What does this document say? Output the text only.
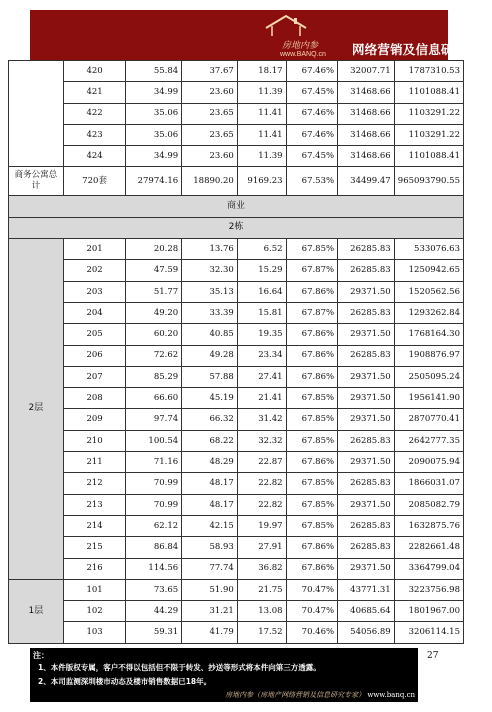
房地内参
www.BANQ.cn 网络营销及信息研究专家
	420	55.84	37.67	18.17	67.46%	32007.71	1787310.53
	421	34.99	23.60	11.39	67.45%	31468.66	1101088.41
	422	35.06	23.65	11.41	67.46%	31468.66	1103291.22
	423	35.06	23.65	11.41	67.46%	31468.66	1103291.22
	424	34.99	23.60	11.39	67.45%	31468.66	1101088.41
商务公寓总计	720套	27974.16	18890.20	9169.23	67.53%	34499.47	965093790.55
商业							
2栋							
2层	201	20.28	13.76	6.52	67.85%	26285.83	533076.63
	202	47.59	32.30	15.29	67.87%	26285.83	1250942.65
	203	51.77	35.13	16.64	67.86%	29371.50	1520562.56
	204	49.20	33.39	15.81	67.87%	26285.83	1293262.84
	205	60.20	40.85	19.35	67.86%	29371.50	1768164.30
	206	72.62	49.28	23.34	67.86%	26285.83	1908876.97
	207	85.29	57.88	27.41	67.86%	29371.50	2505095.24
	208	66.60	45.19	21.41	67.85%	29371.50	1956141.90
	209	97.74	66.32	31.42	67.85%	29371.50	2870770.41
	210	100.54	68.22	32.32	67.85%	26285.83	2642777.35
	211	71.16	48.29	22.87	67.86%	29371.50	2090075.94
	212	70.99	48.17	22.82	67.85%	26285.83	1866031.07
	213	70.99	48.17	22.82	67.85%	29371.50	2085082.79
	214	62.12	42.15	19.97	67.85%	26285.83	1632875.76
	215	86.84	58.93	27.91	67.86%	26285.83	2282661.48
	216	114.56	77.74	36.82	67.86%	29371.50	3364799.04
1层	101	73.65	51.90	21.75	70.47%	43771.31	3223756.98
	102	44.29	31.21	13.08	70.47%	40685.64	1801967.00
	103	59.31	41.79	17.52	70.46%	54056.89	3206114.15
注：
1、本件版权专属，客户不得以包括但不限于转发、抄送等形式将本件向第三方透露。
2、本司监测深圳楼市动态及楼市销售数据已18年。
房地内参（房地产网络营销及信息研究专家） www.banq.cn
27
